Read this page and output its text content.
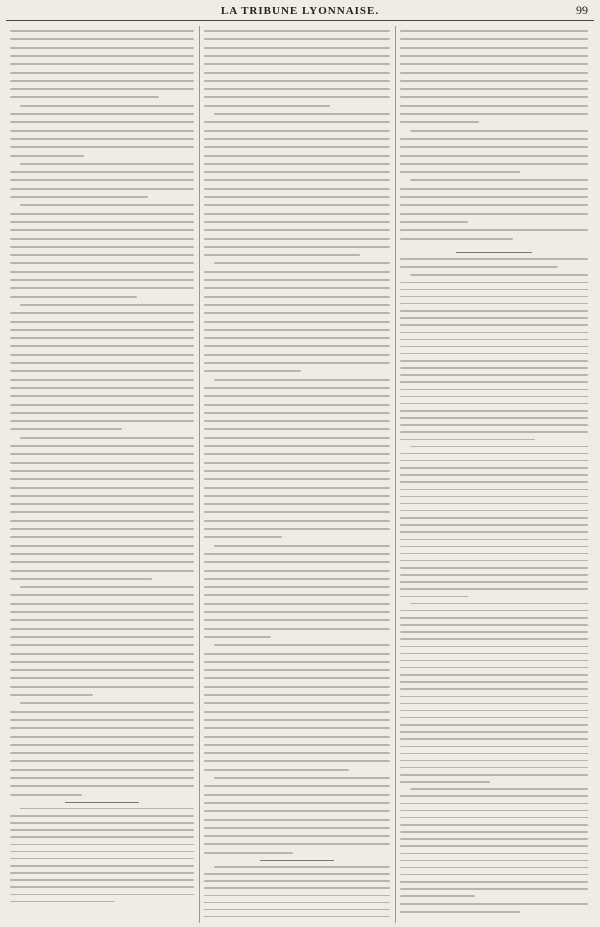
LA TRIBUNE LYONNAISE.	99
